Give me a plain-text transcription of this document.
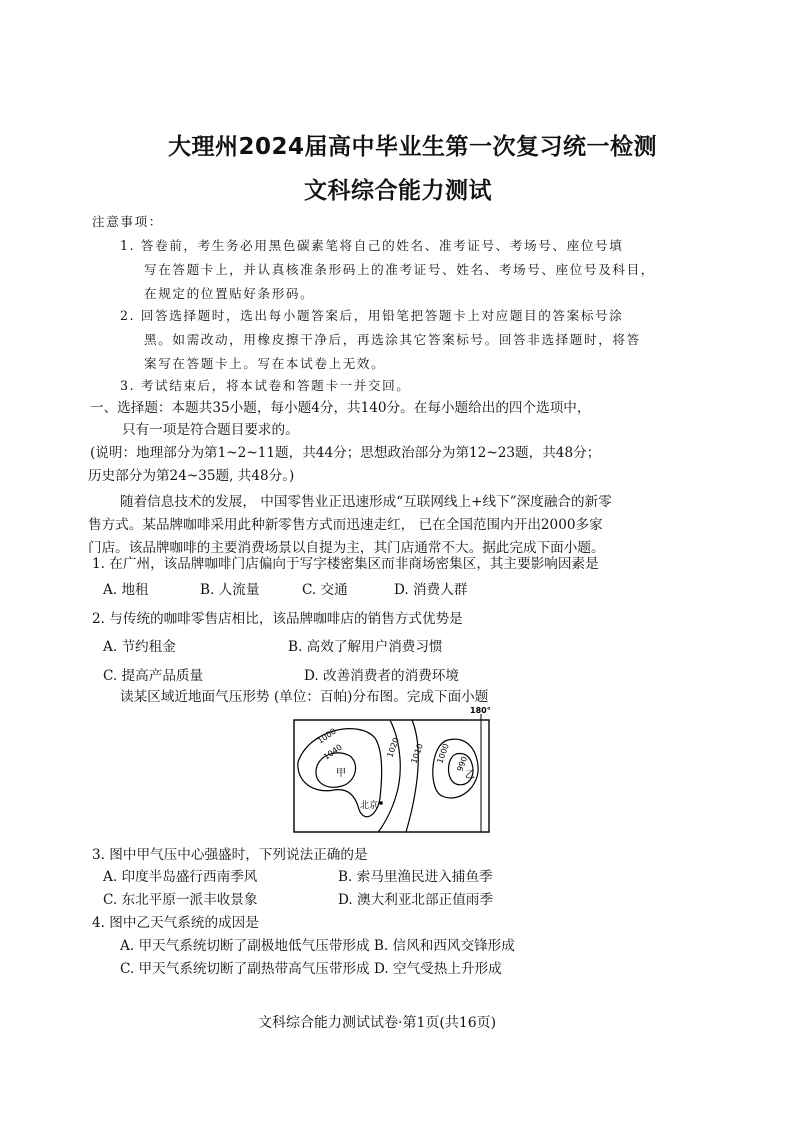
大理州2024届高中毕业生第一次复习统一检测
文科综合能力测试
注意事项：
1. 答卷前，考生务必用黑色碳素笔将自己的姓名、准考证号、考场号、座位号填
写在答题卡上，并认真核准条形码上的准考证号、姓名、考场号、座位号及科目，
在规定的位置贴好条形码。
2. 回答选择题时，选出每小题答案后，用铅笔把答题卡上对应题目的答案标号涂
黑。如需改动，用橡皮擦干净后，再选涂其它答案标号。回答非选择题时，将答
案写在答题卡上。写在本试卷上无效。
3. 考试结束后，将本试卷和答题卡一并交回。
一、选择题：本题共35小题，每小题4分，共140分。在每小题给出的四个选项中，
只有一项是符合题目要求的。
(说明：地理部分为第1~2~11题，共44分；思想政治部分为第12~23题，共48分；
历史部分为第24~35题, 共48分。)
随着信息技术的发展， 中国零售业正迅速形成“互联网线上+线下”深度融合的新零
售方式。某品牌咖啡采用此种新零售方式而迅速走红， 已在全国范围内开出2000多家
门店。该品牌咖啡的主要消费场景以自提为主，其门店通常不大。据此完成下面小题。
1. 在广州，该品牌咖啡门店偏向于写字楼密集区而非商场密集区，其主要影响因素是
A. 地租	B. 人流量	C. 交通	D. 消费人群
2. 与传统的咖啡零售店相比，该品牌咖啡店的销售方式优势是
A. 节约租金	B. 高效了解用户消费习惯
C. 提高产品质量	D. 改善消费者的消费环境
读某区域近地面气压形势 (单位：百帕)分布图。完成下面小题
180°
1000
1040	1020 1010 1000 990
甲	乙
北京
3. 图中甲气压中心强盛时，下列说法正确的是
A. 印度半岛盛行西南季风	B. 索马里渔民进入捕鱼季
C. 东北平原一派丰收景象	D. 澳大利亚北部正值雨季
4. 图中乙天气系统的成因是
A. 甲天气系统切断了副极地低气压带形成 B. 信风和西风交锋形成
C. 甲天气系统切断了副热带高气压带形成 D. 空气受热上升形成
文科综合能力测试试卷·第1页(共16页)
